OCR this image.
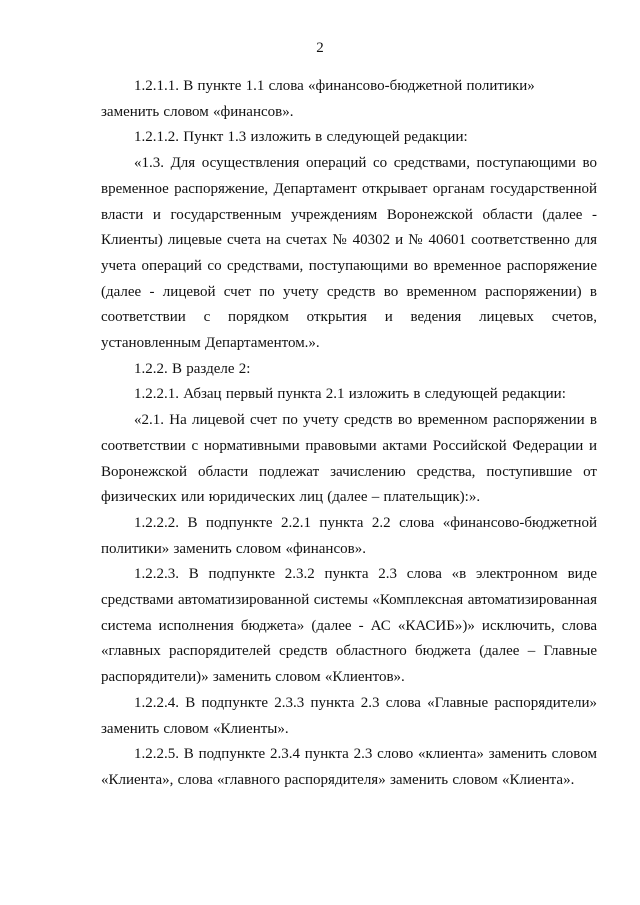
2

1.2.1.1. В пункте 1.1 слова «финансово-бюджетной политики» заменить словом «финансов».

1.2.1.2. Пункт 1.3 изложить в следующей редакции:

«1.3. Для осуществления операций со средствами, поступающими во временное распоряжение, Департамент открывает органам государственной власти и государственным учреждениям Воронежской области (далее - Клиенты) лицевые счета на счетах № 40302 и № 40601 соответственно для учета операций со средствами, поступающими во временное распоряжение (далее - лицевой счет по учету средств во временном распоряжении) в соответствии с порядком открытия и ведения лицевых счетов, установленным Департаментом.».

1.2.2. В разделе 2:

1.2.2.1. Абзац первый пункта 2.1 изложить в следующей редакции:

«2.1. На лицевой счет по учету средств во временном распоряжении в соответствии с нормативными правовыми актами Российской Федерации и Воронежской области подлежат зачислению средства, поступившие от физических или юридических лиц (далее – плательщик):».

1.2.2.2. В подпункте 2.2.1 пункта 2.2 слова «финансово-бюджетной политики» заменить словом «финансов».

1.2.2.3. В подпункте 2.3.2 пункта 2.3 слова «в электронном виде средствами автоматизированной системы «Комплексная автоматизированная система исполнения бюджета» (далее - АС «КАСИБ»)» исключить, слова «главных распорядителей средств областного бюджета (далее – Главные распорядители)» заменить словом «Клиентов».

1.2.2.4. В подпункте 2.3.3 пункта 2.3 слова «Главные распорядители» заменить словом «Клиенты».

1.2.2.5. В подпункте 2.3.4 пункта 2.3 слово «клиента» заменить словом «Клиента», слова «главного распорядителя» заменить словом «Клиента».
